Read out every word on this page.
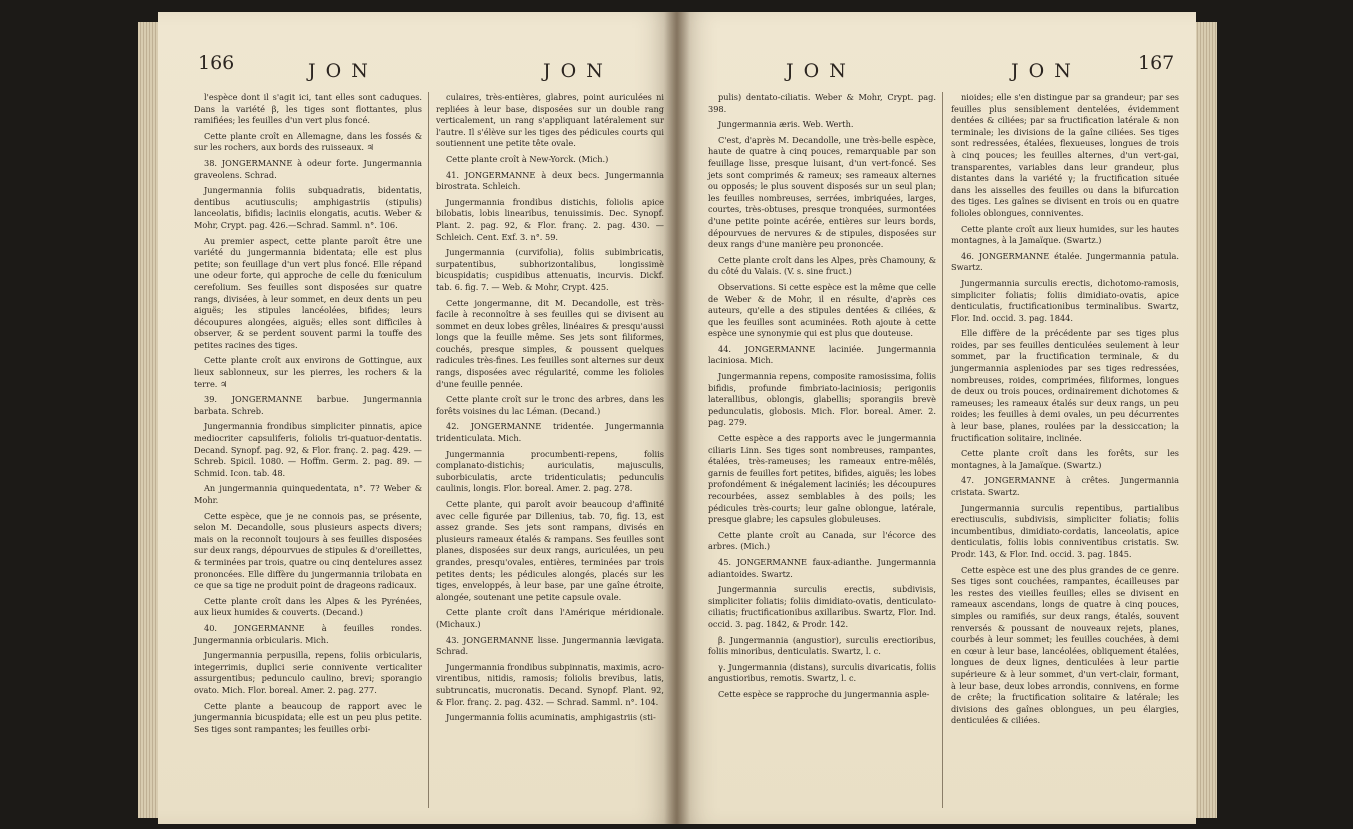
166	J O N	J O N

l'espèce dont il s'agit ici, tant elles sont caduques. Dans la variété β, les tiges sont flottantes, plus ramifiées; les feuilles d'un vert plus foncé.

Cette plante croît en Allemagne, dans les fossés & sur les rochers, aux bords des ruisseaux. ♃

38. JONGERMANNE à odeur forte. Jungermannia graveolens. Schrad.

Jungermannia foliis subquadratis, bidentatis, dentibus acutiusculis; amphigastriis (stipulis) lanceolatis, bifidis; laciniis elongatis, acutis. Weber & Mohr, Crypt. pag. 426.—Schrad. Samml. n°. 106.

Au premier aspect, cette plante paroît être une variété du jungermannia bidentata; elle est plus petite; son feuillage d'un vert plus foncé. Elle répand une odeur forte, qui approche de celle du fœniculum cerefolium. Ses feuilles sont disposées sur quatre rangs, divisées, à leur sommet, en deux dents un peu aiguës; les stipules lancéolées, bifides; leurs découpures alongées, aiguës; elles sont difficiles à observer, & se perdent souvent parmi la touffe des petites racines des tiges.

Cette plante croît aux environs de Gottingue, aux lieux sablonneux, sur les pierres, les rochers & la terre. ♃

39. JONGERMANNE barbue. Jungermannia barbata. Schreb.

Jungermannia frondibus simpliciter pinnatis, apice mediocriter capsuliferis, foliolis tri-quatuor-dentatis. Decand. Synopf. pag. 92, & Flor. franç. 2. pag. 429. — Schreb. Spicil. 1080. — Hoffm. Germ. 2. pag. 89. — Schmid. Icon. tab. 48.

An jungermannia quinquedentata, n°. 7? Weber & Mohr.

Cette espèce, que je ne connois pas, se présente, selon M. Decandolle, sous plusieurs aspects divers; mais on la reconnoît toujours à ses feuilles disposées sur deux rangs, dépourvues de stipules & d'oreillettes, & terminées par trois, quatre ou cinq dentelures assez prononcées. Elle diffère du jungermannia trilobata en ce que sa tige ne produit point de drageons radicaux.

Cette plante croît dans les Alpes & les Pyrénées, aux lieux humides & couverts. (Decand.)

40. JONGERMANNE à feuilles rondes. Jungermannia orbicularis. Mich.

Jungermannia perpusilla, repens, foliis orbicularis, integerrimis, duplici serie connivente verticaliter assurgentibus; pedunculo caulino, brevi; sporangio ovato. Mich. Flor. boreal. Amer. 2. pag. 277.

Cette plante a beaucoup de rapport avec le jungermannia bicuspidata; elle est un peu plus petite. Ses tiges sont rampantes; les feuilles orbi-

culaires, très-entières, glabres, point auriculées ni repliées à leur base, disposées sur un double rang verticalement, un rang s'appliquant latéralement sur l'autre. Il s'élève sur les tiges des pédicules courts qui soutiennent une petite tête ovale.

Cette plante croît à New-Yorck. (Mich.)

41. JONGERMANNE à deux becs. Jungermannia birostrata. Schleich.

Jungermannia frondibus distichis, foliolis apice bilobatis, lobis linearibus, tenuissimis. Dec. Synopf. Plant. 2. pag. 92, & Flor. franç. 2. pag. 430. — Schleich. Cent. Exf. 3. n°. 59.

Jungermannia (curvifolia), foliis subimbricatis, surpatentibus, subhorizontalibus, longissimè bicuspidatis; cuspidibus attenuatis, incurvis. Dickf. tab. 6. fig. 7. — Web. & Mohr, Crypt. 425.

Cette jongermanne, dit M. Decandolle, est très-facile à reconnoître à ses feuilles qui se divisent au sommet en deux lobes grêles, linéaires & presqu'aussi longs que la feuille même. Ses jets sont filiformes, couchés, presque simples, & poussent quelques radicules très-fines. Les feuilles sont alternes sur deux rangs, disposées avec régularité, comme les folioles d'une feuille pennée.

Cette plante croît sur le tronc des arbres, dans les forêts voisines du lac Léman. (Decand.)

42. JONGERMANNE tridentée. Jungermannia tridenticulata. Mich.

Jungermannia procumbenti-repens, foliis complanato-distichis; auriculatis, majusculis, suborbiculatis, arcte tridenticulatis; pedunculis caulinis, longis. Flor. boreal. Amer. 2. pag. 278.

Cette plante, qui paroît avoir beaucoup d'affinité avec celle figurée par Dillenius, tab. 70, fig. 13, est assez grande. Ses jets sont rampans, divisés en plusieurs rameaux étalés & rampans. Ses feuilles sont planes, disposées sur deux rangs, auriculées, un peu grandes, presqu'ovales, entières, terminées par trois petites dents; les pédicules alongés, placés sur les tiges, enveloppés, à leur base, par une gaîne étroite, alongée, soutenant une petite capsule ovale.

Cette plante croît dans l'Amérique méridionale. (Michaux.)

43. JONGERMANNE lisse. Jungermannia lævigata. Schrad.

Jungermannia frondibus subpinnatis, maximis, acro-virentibus, nitidis, ramosis; foliolis brevibus, latis, subtruncatis, mucronatis. Decand. Synopf. Plant. 92, & Flor. franç. 2. pag. 432. — Schrad. Samml. n°. 104.

Jungermannia foliis acuminatis, amphigastriis (sti-

J O N	J O N	167

pulis) dentato-ciliatis. Weber & Mohr, Crypt. pag. 398.

Jungermannia æris. Web. Werth.

C'est, d'après M. Decandolle, une très-belle espèce, haute de quatre à cinq pouces, remarquable par son feuillage lisse, presque luisant, d'un vert-foncé. Ses jets sont comprimés & rameux; ses rameaux alternes ou opposés; le plus souvent disposés sur un seul plan; les feuilles nombreuses, serrées, imbriquées, larges, courtes, très-obtuses, presque tronquées, surmontées d'une petite pointe acérée, entières sur leurs bords, dépourvues de nervures & de stipules, disposées sur deux rangs d'une manière peu prononcée.

Cette plante croît dans les Alpes, près Chamouny, & du côté du Valais. (V. s. sine fruct.)

Observations. Si cette espèce est la même que celle de Weber & de Mohr, il en résulte, d'après ces auteurs, qu'elle a des stipules dentées & ciliées, & que les feuilles sont acuminées. Roth ajoute à cette espèce une synonymie qui est plus que douteuse.

44. JONGERMANNE laciniée. Jungermannia laciniosa. Mich.

Jungermannia repens, composite ramosissima, foliis bifidis, profunde fimbriato-laciniosis; perigoniis laterallibus, oblongis, glabellis; sporangiis brevè pedunculatis, globosis. Mich. Flor. boreal. Amer. 2. pag. 279.

Cette espèce a des rapports avec le jungermannia ciliaris Linn. Ses tiges sont nombreuses, rampantes, étalées, très-rameuses; les rameaux entre-mêlés, garnis de feuilles fort petites, bifides, aiguës; les lobes profondément & inégalement laciniés; les découpures recourbées, assez semblables à des poils; les pédicules très-courts; leur gaîne oblongue, latérale, presque glabre; les capsules globuleuses.

Cette plante croît au Canada, sur l'écorce des arbres. (Mich.)

45. JONGERMANNE faux-adianthe. Jungermannia adiantoides. Swartz.

Jungermannia surculis erectis, subdivisis, simpliciter foliatis; foliis dimidiato-ovatis, denticulato-ciliatis; fructificationibus axillaribus. Swartz, Flor. Ind. occid. 3. pag. 1842, & Prodr. 142.

β. Jungermannia (angustior), surculis erectioribus, foliis minoribus, denticulatis. Swartz, l. c.

γ. Jungermannia (distans), surculis divaricatis, foliis angustioribus, remotis. Swartz, l. c.

Cette espèce se rapproche du jungermannia asple-

nioides; elle s'en distingue par sa grandeur; par ses feuilles plus sensiblement dentelées, évidemment dentées & ciliées; par sa fructification latérale & non terminale; les divisions de la gaîne ciliées. Ses tiges sont redressées, étalées, flexueuses, longues de trois à cinq pouces; les feuilles alternes, d'un vert-gai, transparentes, variables dans leur grandeur, plus distantes dans la variété γ; la fructification située dans les aisselles des feuilles ou dans la bifurcation des tiges. Les gaînes se divisent en trois ou en quatre folioles oblongues, conniventes.

Cette plante croît aux lieux humides, sur les hautes montagnes, à la Jamaïque. (Swartz.)

46. JONGERMANNE étalée. Jungermannia patula. Swartz.

Jungermannia surculis erectis, dichotomo-ramosis, simpliciter foliatis; foliis dimidiato-ovatis, apice denticulatis, fructificationibus terminalibus. Swartz, Flor. Ind. occid. 3. pag. 1844.

Elle diffère de la précédente par ses tiges plus roides, par ses feuilles denticulées seulement à leur sommet, par la fructification terminale, & du jungermannia aspleniodes par ses tiges redressées, nombreuses, roides, comprimées, filiformes, longues de deux ou trois pouces, ordinairement dichotomes & rameuses; les rameaux étalés sur deux rangs, un peu roides; les feuilles à demi ovales, un peu décurrentes à leur base, planes, roulées par la dessiccation; la fructification solitaire, inclinée.

Cette plante croît dans les forêts, sur les montagnes, à la Jamaïque. (Swartz.)

47. JONGERMANNE à crêtes. Jungermannia cristata. Swartz.

Jungermannia surculis repentibus, partialibus erectiusculis, subdivisis, simpliciter foliatis; foliis incumbentibus, dimidiato-cordatis, lanceolatis, apice denticulatis, foliis lobis conniventibus cristatis. Sw. Prodr. 143, & Flor. Ind. occid. 3. pag. 1845.

Cette espèce est une des plus grandes de ce genre. Ses tiges sont couchées, rampantes, écailleuses par les restes des vieilles feuilles; elles se divisent en rameaux ascendans, longs de quatre à cinq pouces, simples ou ramifiés, sur deux rangs, étalés, souvent renversés & poussant de nouveaux rejets, planes, courbés à leur sommet; les feuilles couchées, à demi en cœur à leur base, lancéolées, obliquement étalées, longues de deux lignes, denticulées à leur partie supérieure & à leur sommet, d'un vert-clair, formant, à leur base, deux lobes arrondis, connivens, en forme de crête; la fructification solitaire & latérale; les divisions des gaînes oblongues, un peu élargies, denticulées & ciliées.
